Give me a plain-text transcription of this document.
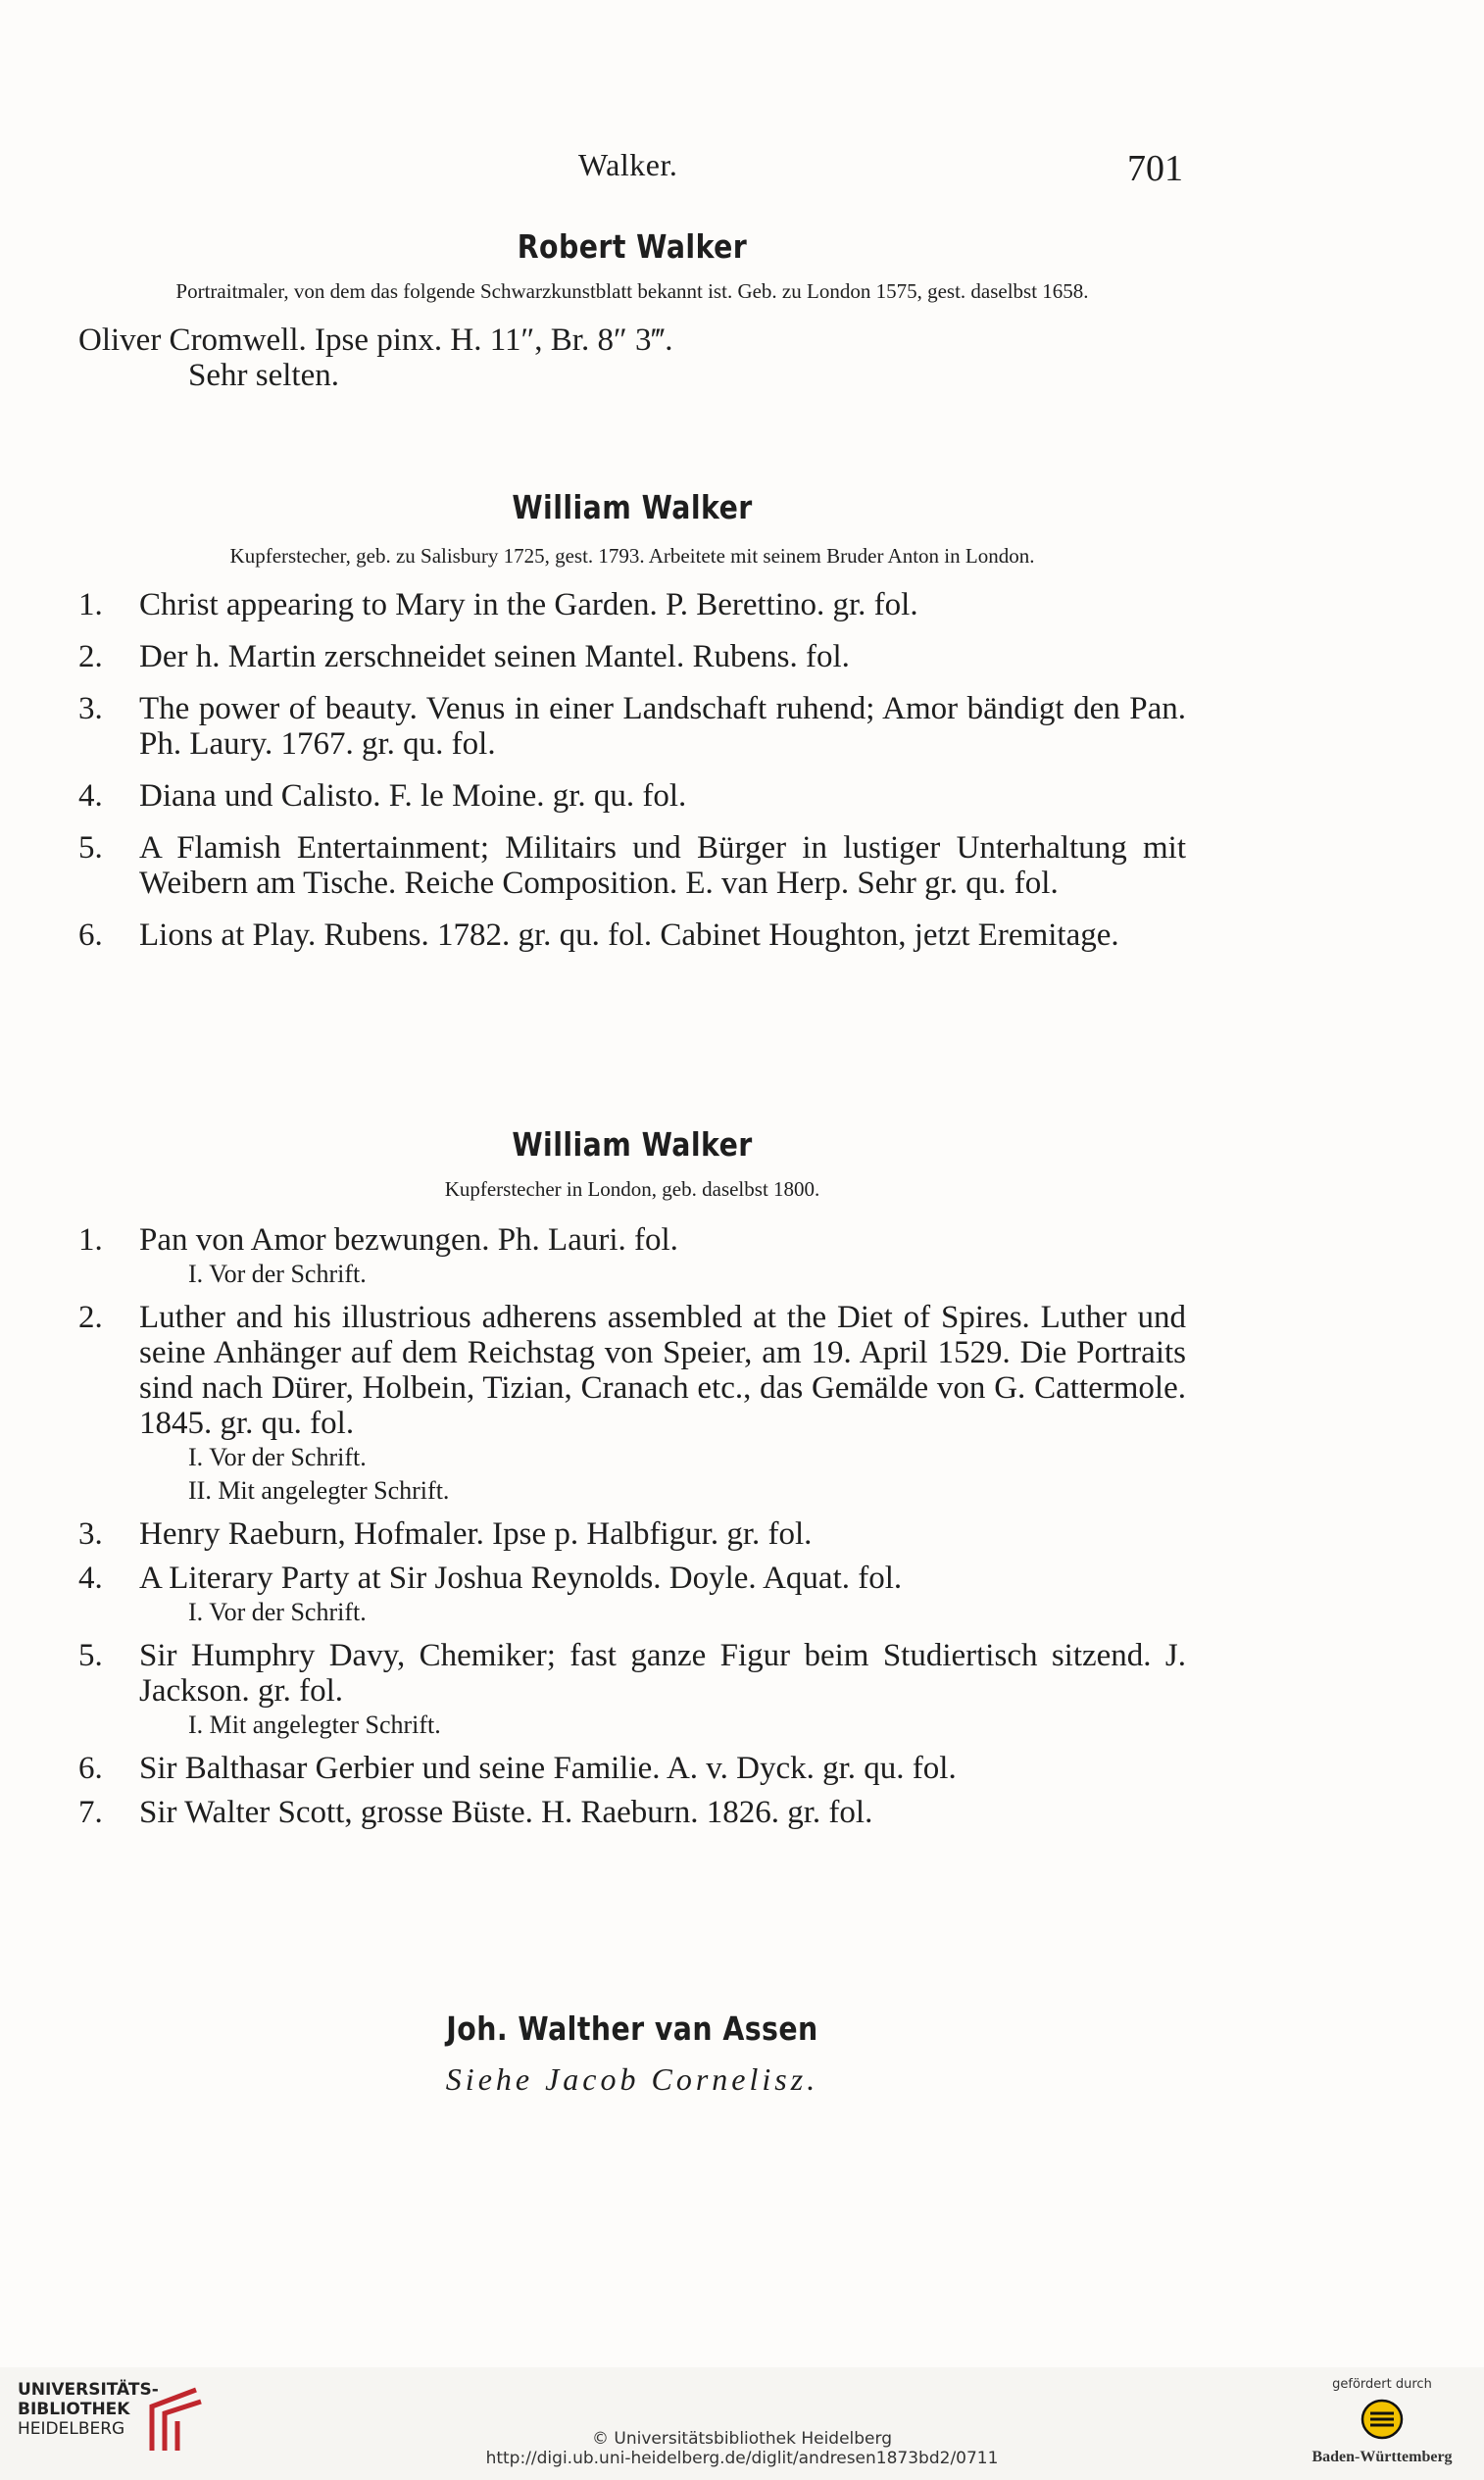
Walker.	701
Robert Walker

Portraitmaler, von dem das folgende Schwarzkunstblatt bekannt ist. Geb. zu London 1575, gest. daselbst 1658.

Oliver Cromwell. Ipse pinx. H. 11″, Br. 8″ 3‴.

Sehr selten.

William Walker

Kupferstecher, geb. zu Salisbury 1725, gest. 1793. Arbeitete mit seinem Bruder Anton in London.

1. Christ appearing to Mary in the Garden. P. Berettino. gr. fol.

2. Der h. Martin zerschneidet seinen Mantel. Rubens. fol.

3. The power of beauty. Venus in einer Landschaft ruhend; Amor bändigt den Pan. Ph. Laury. 1767. gr. qu. fol.

4. Diana und Calisto. F. le Moine. gr. qu. fol.

5. A Flamish Entertainment; Militairs und Bürger in lustiger Unterhaltung mit Weibern am Tische. Reiche Composition. E. van Herp. Sehr gr. qu. fol.

6. Lions at Play. Rubens. 1782. gr. qu. fol. Cabinet Houghton, jetzt Eremitage.

William Walker

Kupferstecher in London, geb. daselbst 1800.

1. Pan von Amor bezwungen. Ph. Lauri. fol.

I. Vor der Schrift.

2. Luther and his illustrious adherens assembled at the Diet of Spires. Luther und seine Anhänger auf dem Reichstag von Speier, am 19. April 1529. Die Portraits sind nach Dürer, Holbein, Tizian, Cranach etc., das Gemälde von G. Cattermole. 1845. gr. qu. fol.

I. Vor der Schrift.
II. Mit angelegter Schrift.

3. Henry Raeburn, Hofmaler. Ipse p. Halbfigur. gr. fol.

4. A Literary Party at Sir Joshua Reynolds. Doyle. Aquat. fol.

I. Vor der Schrift.

5. Sir Humphry Davy, Chemiker; fast ganze Figur beim Studiertisch sitzend. J. Jackson. gr. fol.

I. Mit angelegter Schrift.

6. Sir Balthasar Gerbier und seine Familie. A. v. Dyck. gr. qu. fol.

7. Sir Walter Scott, grosse Büste. H. Raeburn. 1826. gr. fol.

Joh. Walther van Assen
Siehe Jacob Cornelisz.
UNIVERSITÄTS-
BIBLIOTHEK
HEIDELBERG	© Universitätsbibliothek Heidelberg
http://digi.ub.uni-heidelberg.de/diglit/andresen1873bd2/0711
gefördert durch
Baden-Württemberg
